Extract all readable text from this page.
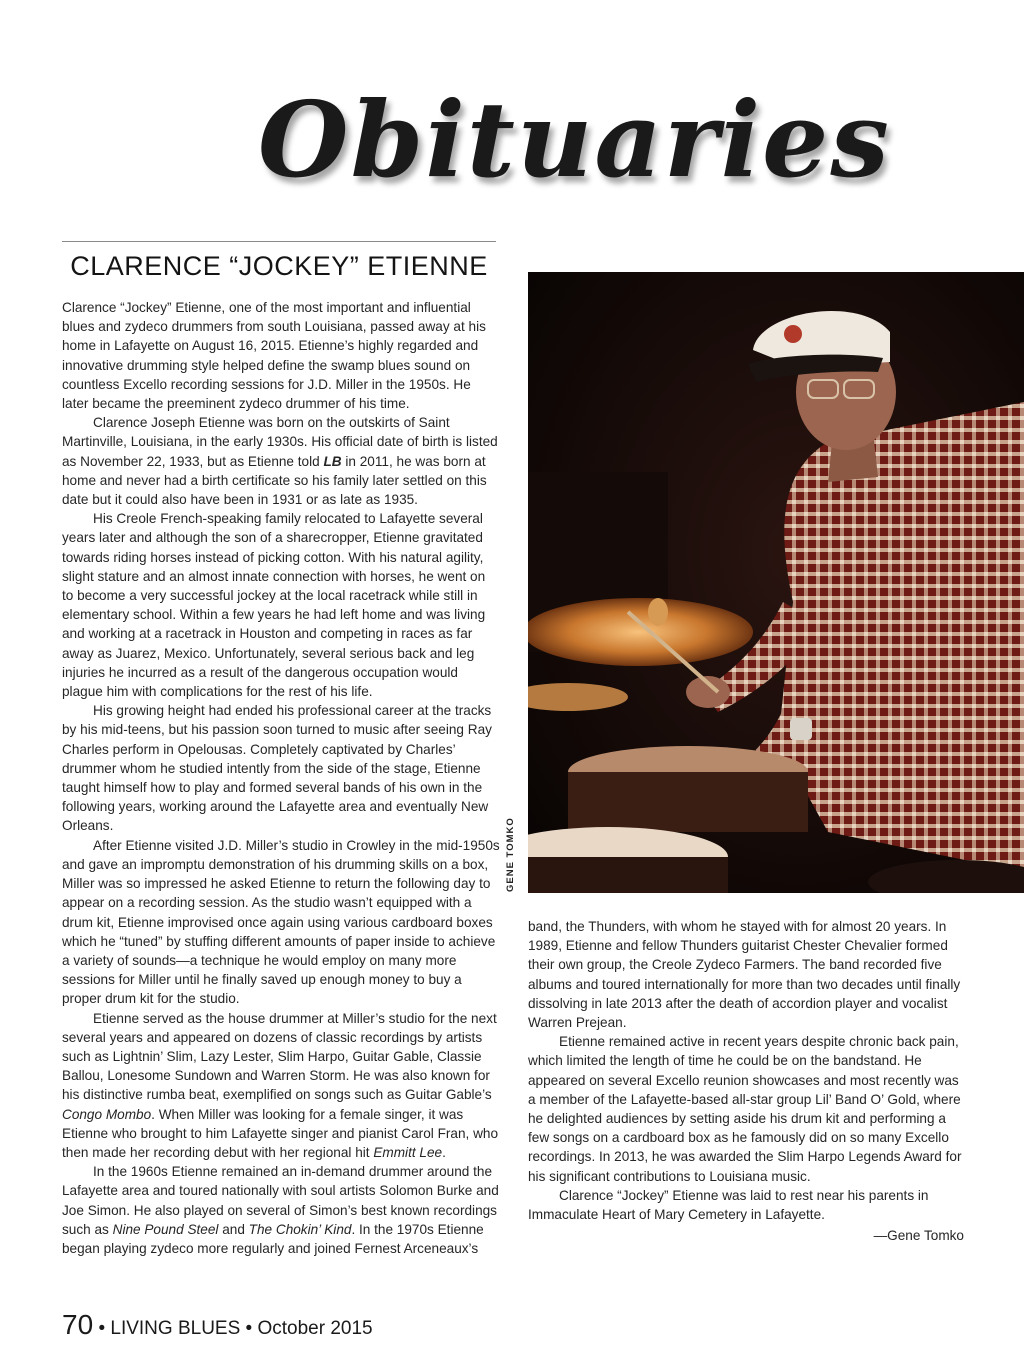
Obituaries
CLARENCE “JOCKEY” ETIENNE

Clarence “Jockey” Etienne, one of the most important and influential blues and zydeco drummers from south Louisiana, passed away at his home in Lafayette on August 16, 2015. Etienne’s highly regarded and innovative drumming style helped define the swamp blues sound on countless Excello recording sessions for J.D. Miller in the 1950s. He later became the preeminent zydeco drummer of his time.

Clarence Joseph Etienne was born on the outskirts of Saint Martinville, Louisiana, in the early 1930s. His official date of birth is listed as November 22, 1933, but as Etienne told LB in 2011, he was born at home and never had a birth certificate so his family later settled on this date but it could also have been in 1931 or as late as 1935.

His Creole French-speaking family relocated to Lafayette several years later and although the son of a sharecropper, Etienne gravitated towards riding horses instead of picking cotton. With his natural agility, slight stature and an almost innate connection with horses, he went on to become a very successful jockey at the local racetrack while still in elementary school. Within a few years he had left home and was living and working at a racetrack in Houston and competing in races as far away as Juarez, Mexico. Unfortunately, several serious back and leg injuries he incurred as a result of the dangerous occupation would plague him with complications for the rest of his life.

His growing height had ended his professional career at the tracks by his mid-teens, but his passion soon turned to music after seeing Ray Charles perform in Opelousas. Completely captivated by Charles’ drummer whom he studied intently from the side of the stage, Etienne taught himself how to play and formed several bands of his own in the following years, working around the Lafayette area and eventually New Orleans.

After Etienne visited J.D. Miller’s studio in Crowley in the mid-1950s and gave an impromptu demonstration of his drumming skills on a box, Miller was so impressed he asked Etienne to return the following day to appear on a recording session. As the studio wasn’t equipped with a drum kit, Etienne improvised once again using various cardboard boxes which he “tuned” by stuffing different amounts of paper inside to achieve a variety of sounds—a technique he would employ on many more sessions for Miller until he finally saved up enough money to buy a proper drum kit for the studio.

Etienne served as the house drummer at Miller’s studio for the next several years and appeared on dozens of classic recordings by artists such as Lightnin’ Slim, Lazy Lester, Slim Harpo, Guitar Gable, Classie Ballou, Lonesome Sundown and Warren Storm. He was also known for his distinctive rumba beat, exemplified on songs such as Guitar Gable’s Congo Mombo. When Miller was looking for a female singer, it was Etienne who brought to him Lafayette singer and pianist Carol Fran, who then made her recording debut with her regional hit Emmitt Lee.

In the 1960s Etienne remained an in-demand drummer around the Lafayette area and toured nationally with soul artists Solomon Burke and Joe Simon. He also played on several of Simon’s best known recordings such as Nine Pound Steel and The Chokin’ Kind. In the 1970s Etienne began playing zydeco more regularly and joined Fernest Arceneaux’s

GENE TOMKO

band, the Thunders, with whom he stayed with for almost 20 years. In 1989, Etienne and fellow Thunders guitarist Chester Chevalier formed their own group, the Creole Zydeco Farmers. The band recorded five albums and toured internationally for more than two decades until finally dissolving in late 2013 after the death of accordion player and vocalist Warren Prejean.

Etienne remained active in recent years despite chronic back pain, which limited the length of time he could be on the bandstand. He appeared on several Excello reunion showcases and most recently was a member of the Lafayette-based all-star group Lil’ Band O’ Gold, where he delighted audiences by setting aside his drum kit and performing a few songs on a cardboard box as he famously did on so many Excello recordings. In 2013, he was awarded the Slim Harpo Legends Award for his significant contributions to Louisiana music.

Clarence “Jockey” Etienne was laid to rest near his parents in Immaculate Heart of Mary Cemetery in Lafayette.

—Gene Tomko
70 • LIVING BLUES • October 2015
